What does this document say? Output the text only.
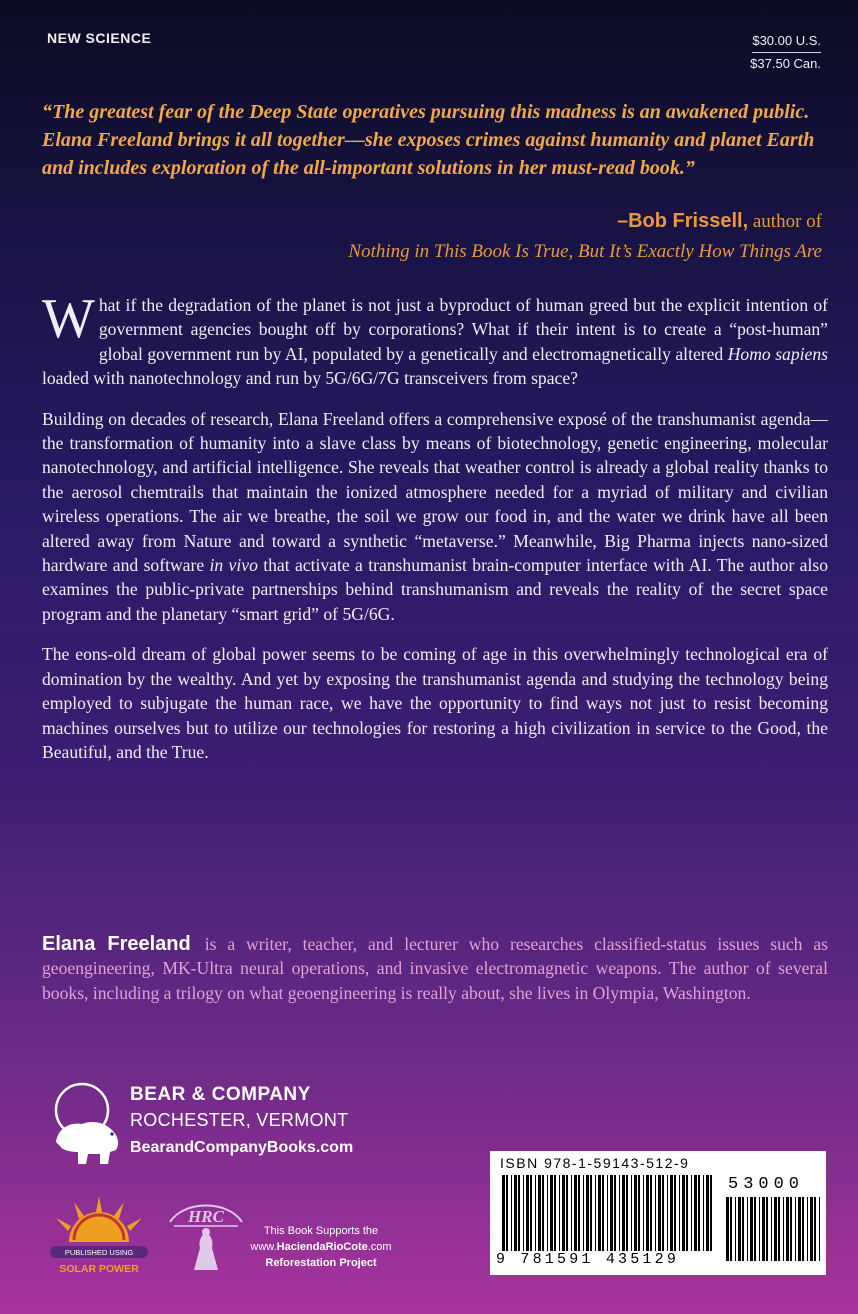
NEW SCIENCE	$30.00 U.S.
$37.50 Can.
“The greatest fear of the Deep State operatives pursuing this madness is an awakened public. Elana Freeland brings it all together—she exposes crimes against humanity and planet Earth and includes exploration of the all-important solutions in her must-read book.”
–Bob Frissell, author of
Nothing in This Book Is True, But It’s Exactly How Things Are

What if the degradation of the planet is not just a byproduct of human greed but the explicit intention of government agencies bought off by corporations? What if their intent is to create a “post-human” global government run by AI, populated by a genetically and electromagnetically altered Homo sapiens loaded with nanotechnology and run by 5G/6G/7G transceivers from space?

Building on decades of research, Elana Freeland offers a comprehensive exposé of the transhumanist agenda—the transformation of humanity into a slave class by means of biotechnology, genetic engineering, molecular nanotechnology, and artificial intelligence. She reveals that weather control is already a global reality thanks to the aerosol chemtrails that maintain the ionized atmosphere needed for a myriad of military and civilian wireless operations. The air we breathe, the soil we grow our food in, and the water we drink have all been altered away from Nature and toward a synthetic “metaverse.” Meanwhile, Big Pharma injects nano-sized hardware and software in vivo that activate a transhumanist brain-computer interface with AI. The author also examines the public-private partnerships behind transhumanism and reveals the reality of the secret space program and the planetary “smart grid” of 5G/6G.

The eons-old dream of global power seems to be coming of age in this overwhelmingly technological era of domination by the wealthy. And yet by exposing the transhumanist agenda and studying the technology being employed to subjugate the human race, we have the opportunity to find ways not just to resist becoming machines ourselves but to utilize our technologies for restoring a high civilization in service to the Good, the Beautiful, and the True.

Elana Freeland is a writer, teacher, and lecturer who researches classified-status issues such as geoengineering, MK-Ultra neural operations, and invasive electromagnetic weapons. The author of several books, including a trilogy on what geoengineering is really about, she lives in Olympia, Washington.
BEAR & COMPANY
ROCHESTER, VERMONT
BearandCompanyBooks.com
PUBLISHED USING
SOLAR POWER
HRC
This Book Supports the
www.HaciendaRioCote.com
Reforestation Project
ISBN 978-1-59143-512-9
53000
9 781591 435129
